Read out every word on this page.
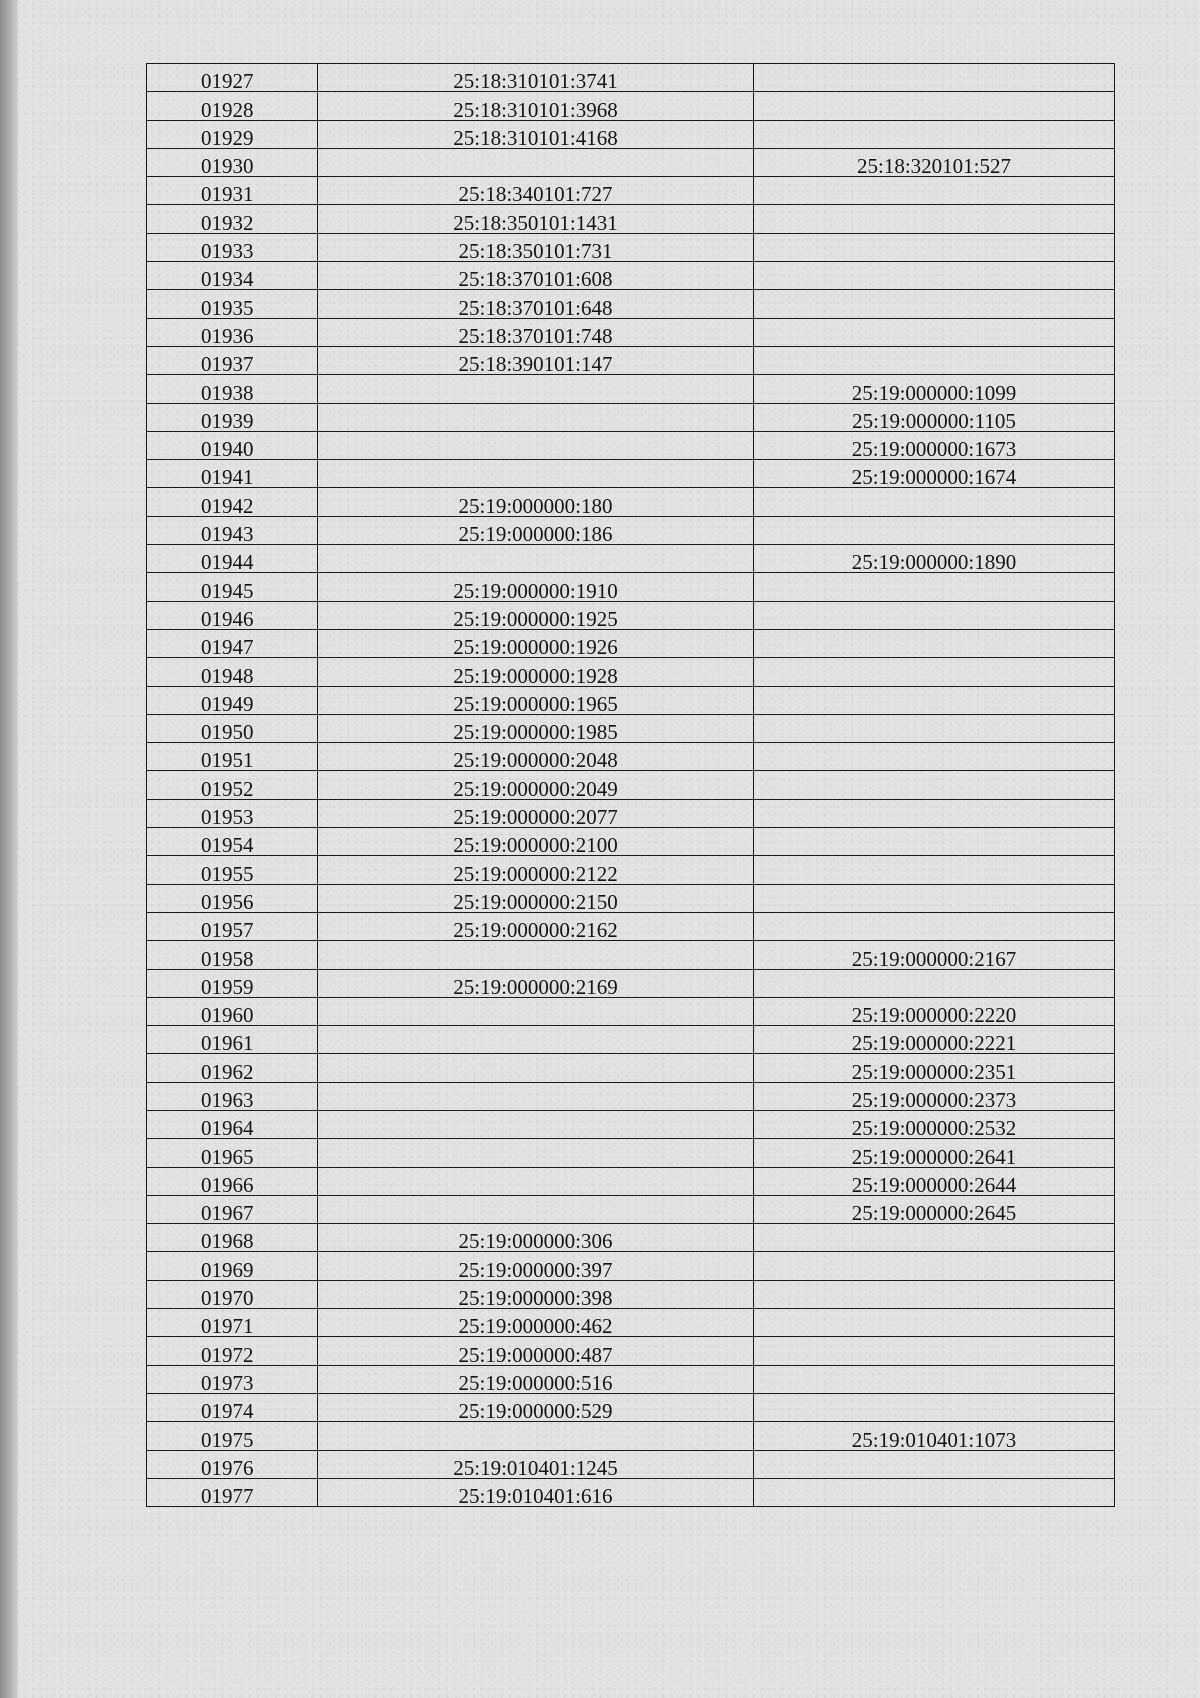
01927	25:18:310101:3741	
01928	25:18:310101:3968	
01929	25:18:310101:4168	
01930		25:18:320101:527
01931	25:18:340101:727	
01932	25:18:350101:1431	
01933	25:18:350101:731	
01934	25:18:370101:608	
01935	25:18:370101:648	
01936	25:18:370101:748	
01937	25:18:390101:147	
01938		25:19:000000:1099
01939		25:19:000000:1105
01940		25:19:000000:1673
01941		25:19:000000:1674
01942	25:19:000000:180	
01943	25:19:000000:186	
01944		25:19:000000:1890
01945	25:19:000000:1910	
01946	25:19:000000:1925	
01947	25:19:000000:1926	
01948	25:19:000000:1928	
01949	25:19:000000:1965	
01950	25:19:000000:1985	
01951	25:19:000000:2048	
01952	25:19:000000:2049	
01953	25:19:000000:2077	
01954	25:19:000000:2100	
01955	25:19:000000:2122	
01956	25:19:000000:2150	
01957	25:19:000000:2162	
01958		25:19:000000:2167
01959	25:19:000000:2169	
01960		25:19:000000:2220
01961		25:19:000000:2221
01962		25:19:000000:2351
01963		25:19:000000:2373
01964		25:19:000000:2532
01965		25:19:000000:2641
01966		25:19:000000:2644
01967		25:19:000000:2645
01968	25:19:000000:306	
01969	25:19:000000:397	
01970	25:19:000000:398	
01971	25:19:000000:462	
01972	25:19:000000:487	
01973	25:19:000000:516	
01974	25:19:000000:529	
01975		25:19:010401:1073
01976	25:19:010401:1245	
01977	25:19:010401:616	
